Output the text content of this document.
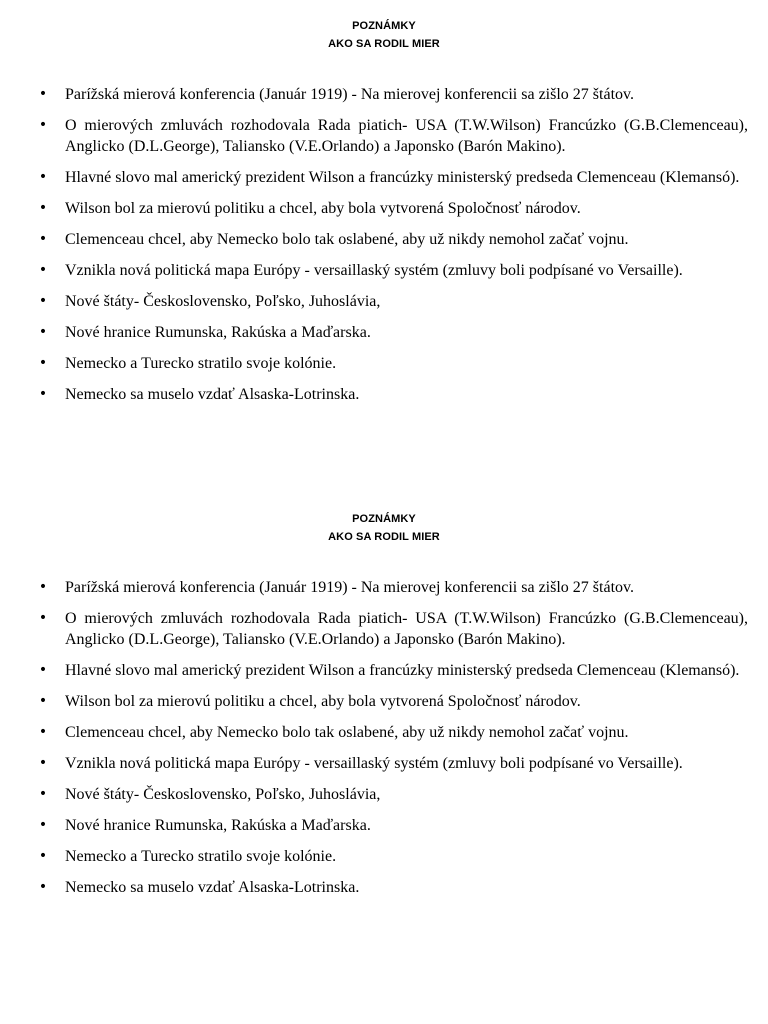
POZNÁMKY
AKO SA RODIL MIER
• Parížská mierová konferencia (Január 1919) - Na mierovej konferencii sa zišlo 27 štátov.
• O mierových zmluvách rozhodovala Rada piatich- USA (T.W.Wilson) Francúzko (G.B.Clemenceau), Anglicko (D.L.George), Taliansko (V.E.Orlando) a Japonsko (Barón Makino).
• Hlavné slovo mal americký prezident Wilson a francúzky ministerský predseda Clemenceau (Klemansó).
• Wilson bol za mierovú politiku a chcel, aby bola vytvorená Spoločnosť národov.
• Clemenceau chcel, aby Nemecko bolo tak oslabené, aby už nikdy nemohol začať vojnu.
• Vznikla nová politická mapa Európy - versaillaský systém (zmluvy boli podpísané vo Versaille).
• Nové štáty- Československo, Poľsko, Juhoslávia,
• Nové hranice Rumunska, Rakúska a Maďarska.
• Nemecko a Turecko stratilo svoje kolónie.
• Nemecko sa muselo vzdať Alsaska-Lotrinska.
POZNÁMKY
AKO SA RODIL MIER
• Parížská mierová konferencia (Január 1919) - Na mierovej konferencii sa zišlo 27 štátov.
• O mierových zmluvách rozhodovala Rada piatich- USA (T.W.Wilson) Francúzko (G.B.Clemenceau), Anglicko (D.L.George), Taliansko (V.E.Orlando) a Japonsko (Barón Makino).
• Hlavné slovo mal americký prezident Wilson a francúzky ministerský predseda Clemenceau (Klemansó).
• Wilson bol za mierovú politiku a chcel, aby bola vytvorená Spoločnosť národov.
• Clemenceau chcel, aby Nemecko bolo tak oslabené, aby už nikdy nemohol začať vojnu.
• Vznikla nová politická mapa Európy - versaillaský systém (zmluvy boli podpísané vo Versaille).
• Nové štáty- Československo, Poľsko, Juhoslávia,
• Nové hranice Rumunska, Rakúska a Maďarska.
• Nemecko a Turecko stratilo svoje kolónie.
• Nemecko sa muselo vzdať Alsaska-Lotrinska.
